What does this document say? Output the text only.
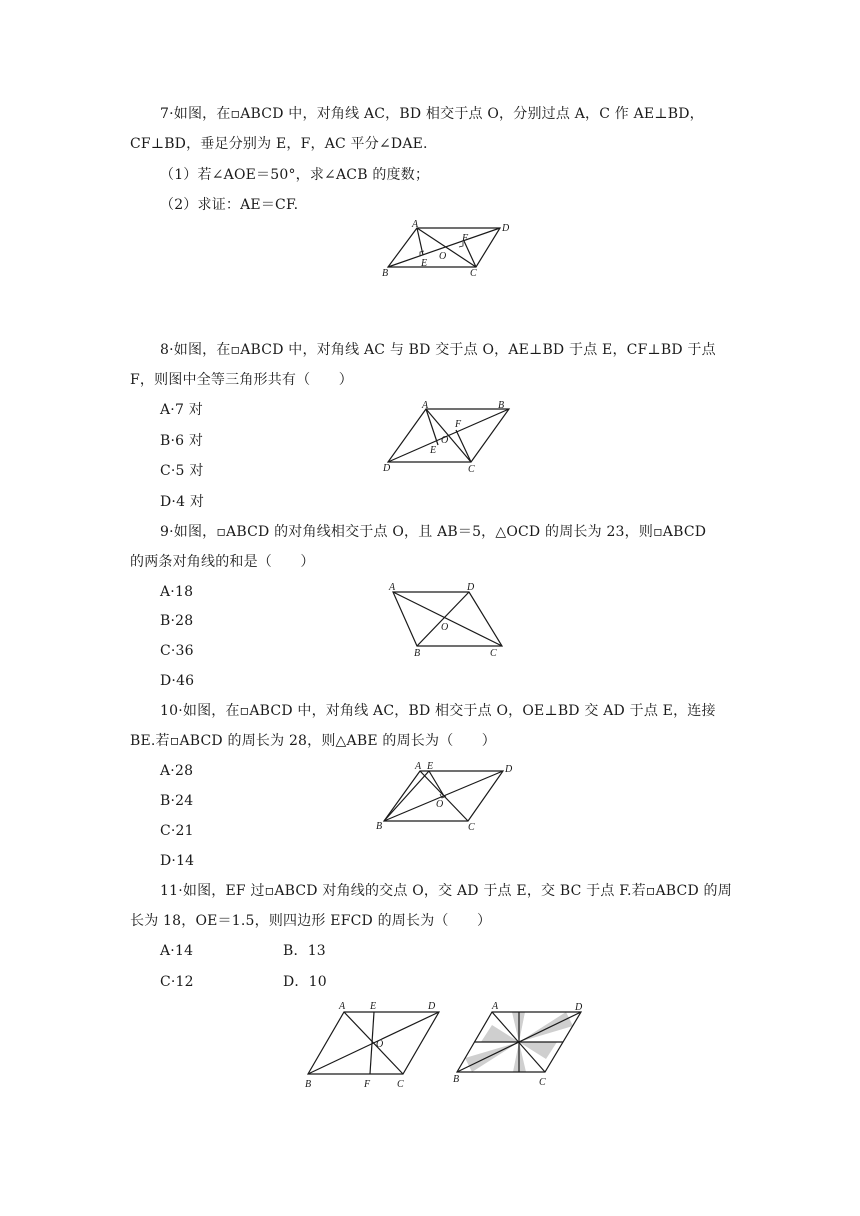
7·如图，在▫ABCD 中，对角线 AC，BD 相交于点 O，分别过点 A，C 作 AE⊥BD，
CF⊥BD，垂足分别为 E，F，AC 平分∠DAE.
（1）若∠AOE＝50°，求∠ACB 的度数；
（2）求证：AE＝CF.
A	D
B	C
E
F
O
8·如图，在▫ABCD 中，对角线 AC 与 BD 交于点 O，AE⊥BD 于点 E，CF⊥BD 于点
F，则图中全等三角形共有（　　）
A·7 对
B·6 对
C·5 对
D·4 对
A	B
D	C
E
F
O
9·如图，▫ABCD 的对角线相交于点 O，且 AB＝5，△OCD 的周长为 23，则▫ABCD
的两条对角线的和是（　　）
A·18
B·28
C·36
D·46
A	D
B	C
O
10·如图，在▫ABCD 中，对角线 AC，BD 相交于点 O，OE⊥BD 交 AD 于点 E，连接
BE.若▫ABCD 的周长为 28，则△ABE 的周长为（　　）
A·28
B·24
C·21
D·14
A E	D
B	C
O
11·如图，EF 过▫ABCD 对角线的交点 O，交 AD 于点 E，交 BC 于点 F.若▫ABCD 的周
长为 18，OE＝1.5，则四边形 EFCD 的周长为（　　）
A·14	B．13
C·12	D．10
A E	D
B	F	C
O
A	D
B	C
